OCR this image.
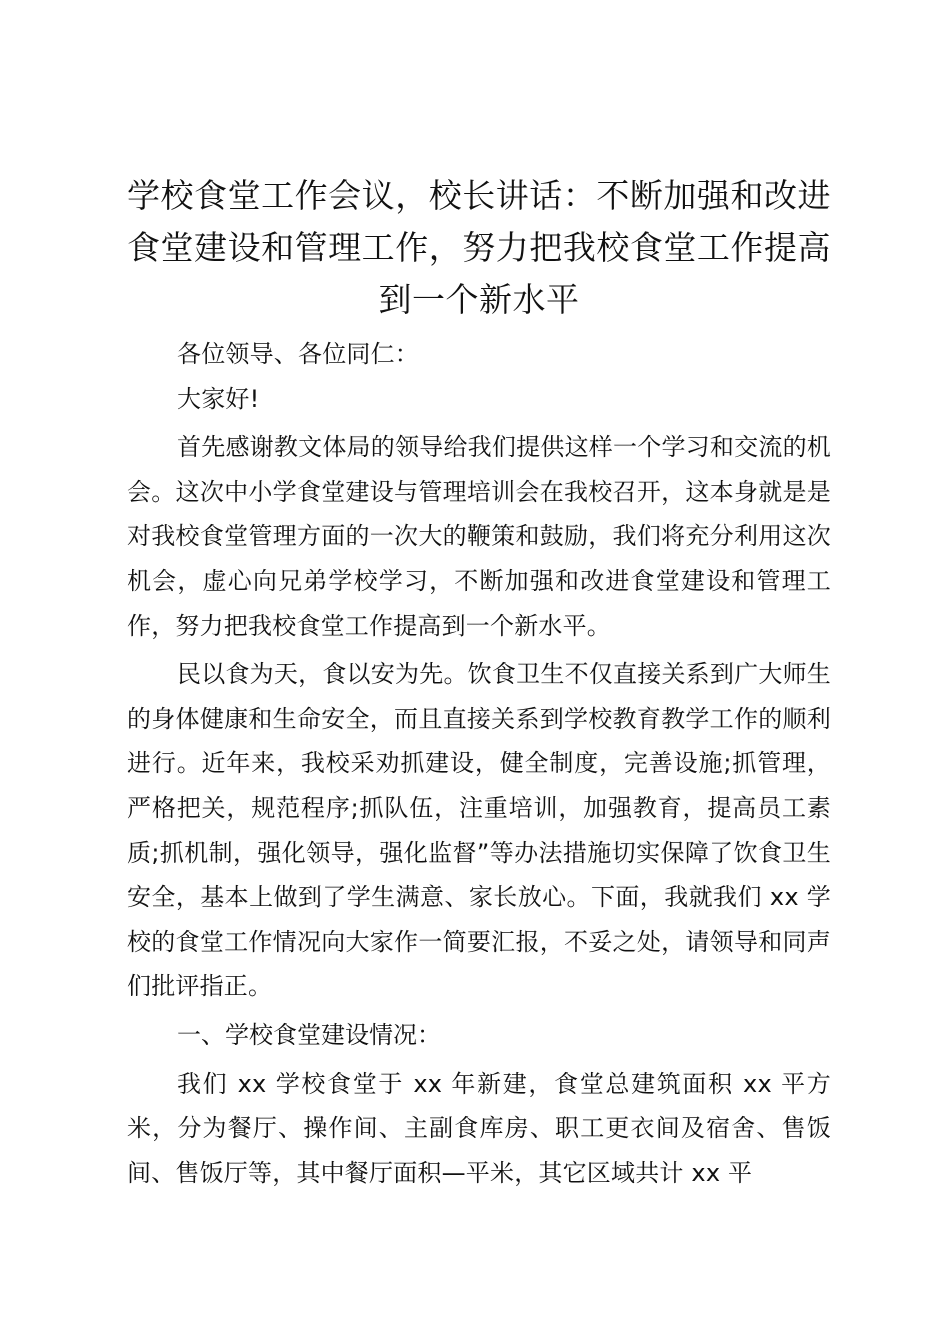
学校食堂工作会议，校长讲话：不断加强和改进食堂建设和管理工作，努力把我校食堂工作提高到一个新水平

各位领导、各位同仁：

大家好!

首先感谢教文体局的领导给我们提供这样一个学习和交流的机会。这次中小学食堂建设与管理培训会在我校召开，这本身就是是对我校食堂管理方面的一次大的鞭策和鼓励，我们将充分利用这次机会，虚心向兄弟学校学习，不断加强和改进食堂建设和管理工作，努力把我校食堂工作提高到一个新水平。

民以食为天，食以安为先。饮食卫生不仅直接关系到广大师生的身体健康和生命安全，而且直接关系到学校教育教学工作的顺利进行。近年来，我校采劝抓建设，健全制度，完善设施;抓管理，严格把关，规范程序;抓队伍，注重培训，加强教育，提高员工素质;抓机制，强化领导，强化监督”等办法措施切实保障了饮食卫生安全，基本上做到了学生满意、家长放心。下面，我就我们 xx 学校的食堂工作情况向大家作一简要汇报，不妥之处，请领导和同声们批评指正。

一、学校食堂建设情况：

我们 xx 学校食堂于 xx 年新建，食堂总建筑面积 xx 平方米，分为餐厅、操作间、主副食库房、职工更衣间及宿舍、售饭间、售饭厅等，其中餐厅面积—平米，其它区域共计 xx 平
